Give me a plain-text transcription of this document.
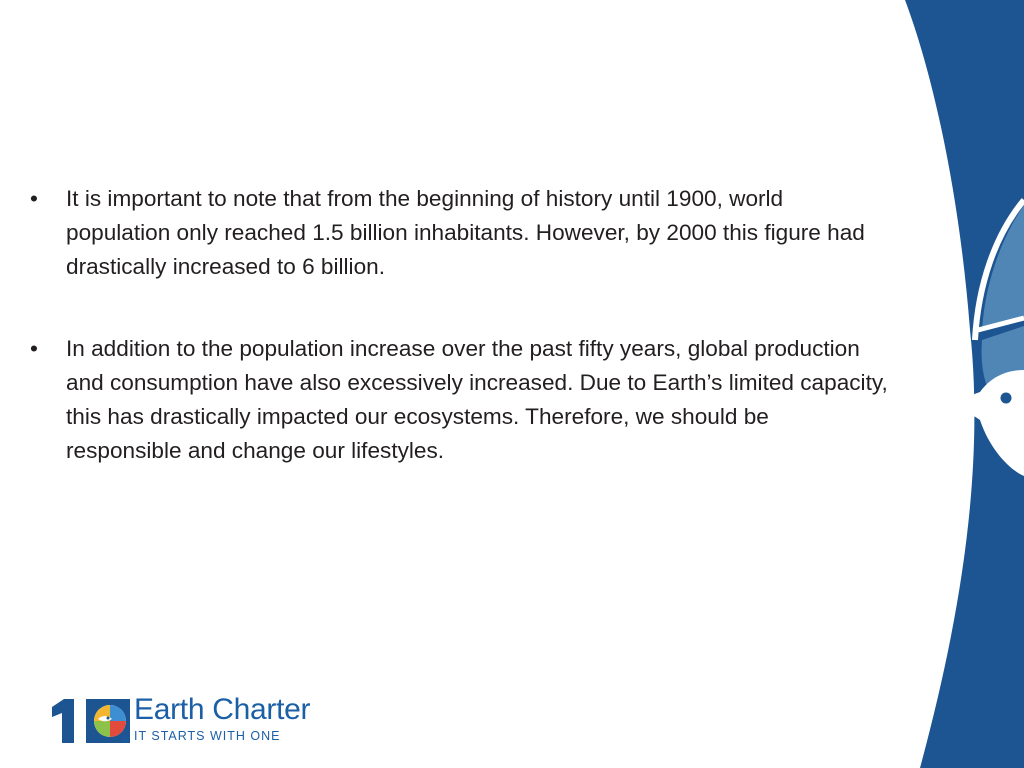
•	It is important to note that from the beginning of history until 1900, world population only reached 1.5 billion inhabitants. However, by 2000 this figure had drastically increased to 6 billion.
•	In addition to the population increase over the past fifty years, global production and consumption have also excessively increased. Due to Earth’s limited capacity, this has drastically impacted our ecosystems. Therefore, we should be responsible and change our lifestyles.
®
Earth Charter
IT STARTS WITH ONE
